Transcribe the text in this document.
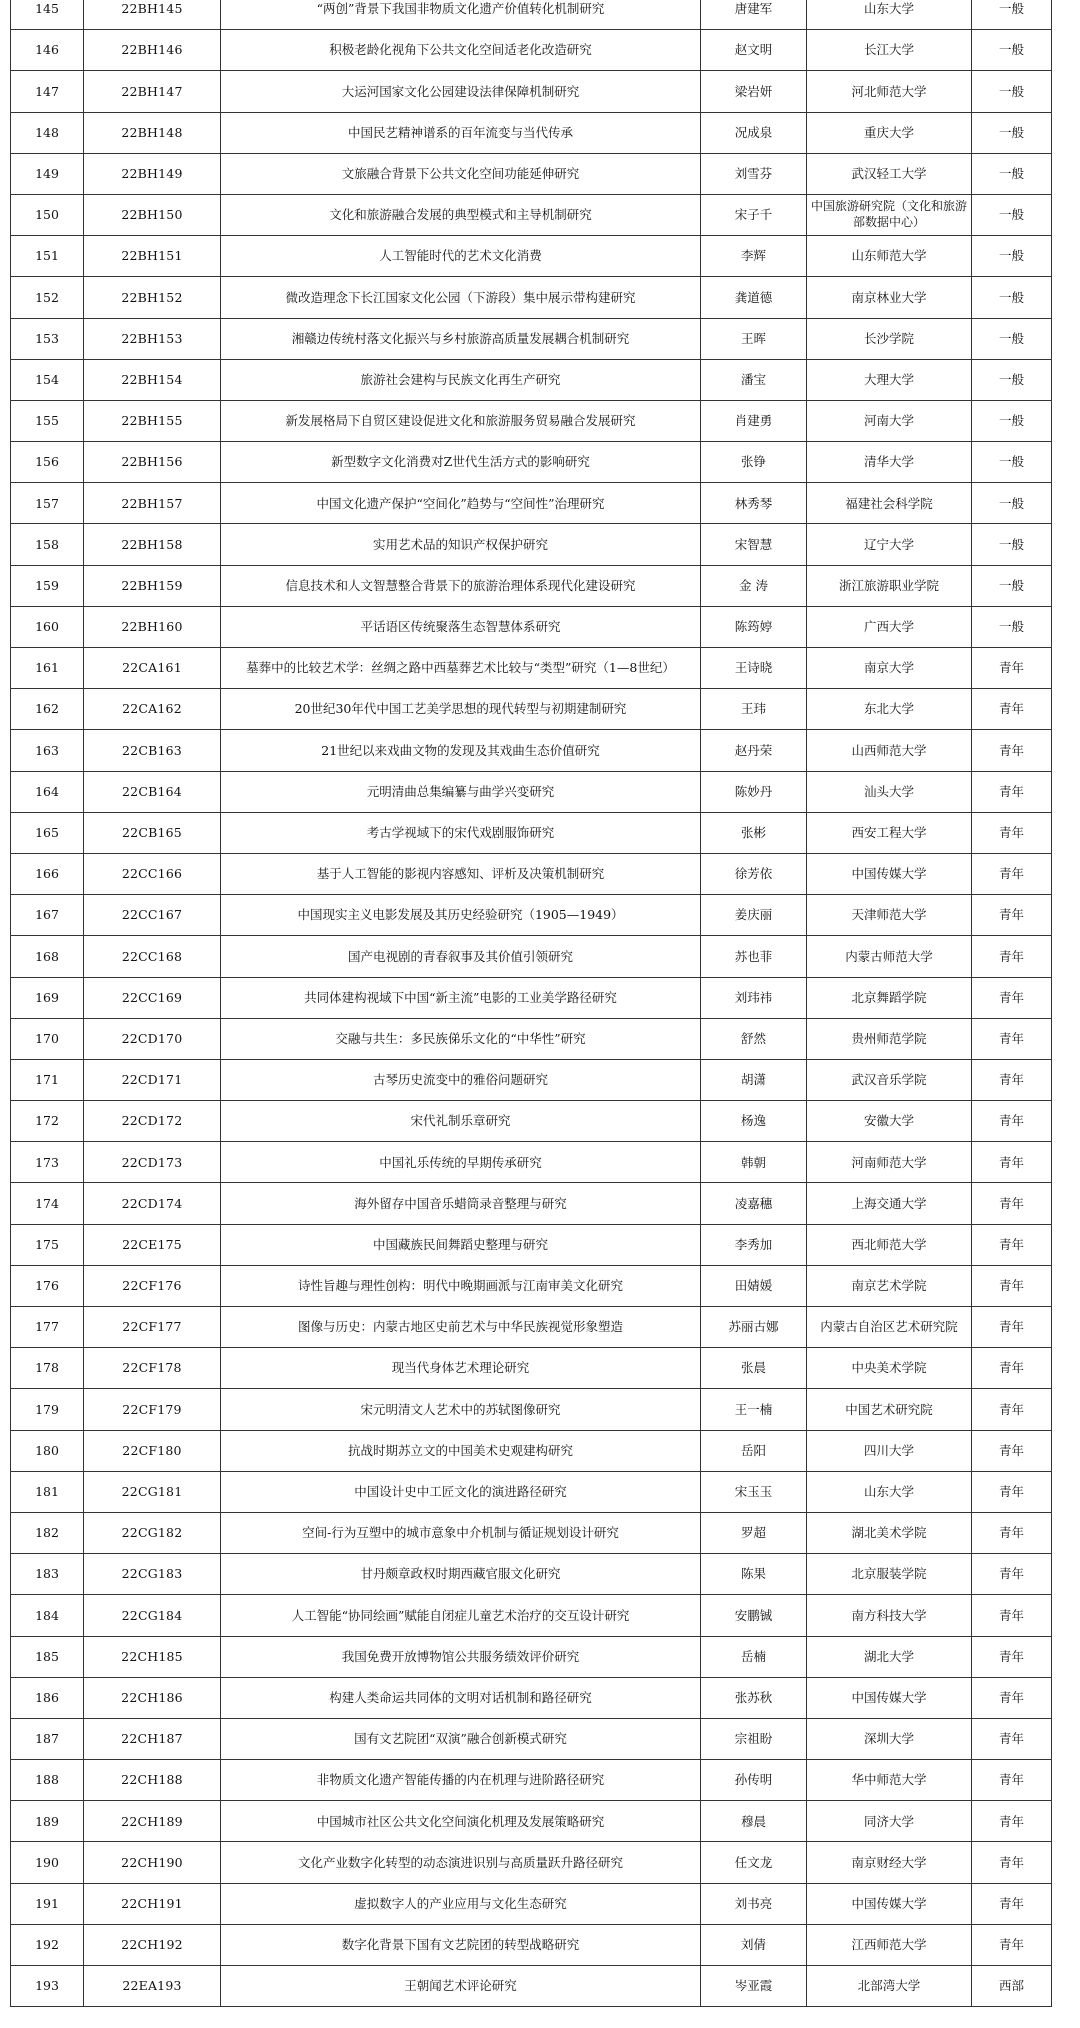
145	22BH145	“两创”背景下我国非物质文化遗产价值转化机制研究	唐建军	山东大学	一般
146	22BH146	积极老龄化视角下公共文化空间适老化改造研究	赵文明	长江大学	一般
147	22BH147	大运河国家文化公园建设法律保障机制研究	梁岩妍	河北师范大学	一般
148	22BH148	中国民艺精神谱系的百年流变与当代传承	况成泉	重庆大学	一般
149	22BH149	文旅融合背景下公共文化空间功能延伸研究	刘雪芬	武汉轻工大学	一般
150	22BH150	文化和旅游融合发展的典型模式和主导机制研究	宋子千	中国旅游研究院（文化和旅游部数据中心）	一般
151	22BH151	人工智能时代的艺术文化消费	李辉	山东师范大学	一般
152	22BH152	微改造理念下长江国家文化公园（下游段）集中展示带构建研究	龚道德	南京林业大学	一般
153	22BH153	湘赣边传统村落文化振兴与乡村旅游高质量发展耦合机制研究	王晖	长沙学院	一般
154	22BH154	旅游社会建构与民族文化再生产研究	潘宝	大理大学	一般
155	22BH155	新发展格局下自贸区建设促进文化和旅游服务贸易融合发展研究	肖建勇	河南大学	一般
156	22BH156	新型数字文化消费对Z世代生活方式的影响研究	张铮	清华大学	一般
157	22BH157	中国文化遗产保护“空间化”趋势与“空间性”治理研究	林秀琴	福建社会科学院	一般
158	22BH158	实用艺术品的知识产权保护研究	宋智慧	辽宁大学	一般
159	22BH159	信息技术和人文智慧整合背景下的旅游治理体系现代化建设研究	金 涛	浙江旅游职业学院	一般
160	22BH160	平话语区传统聚落生态智慧体系研究	陈筠婷	广西大学	一般
161	22CA161	墓葬中的比较艺术学：丝绸之路中西墓葬艺术比较与“类型”研究（1—8世纪）	王诗晓	南京大学	青年
162	22CA162	20世纪30年代中国工艺美学思想的现代转型与初期建制研究	王玮	东北大学	青年
163	22CB163	21世纪以来戏曲文物的发现及其戏曲生态价值研究	赵丹荣	山西师范大学	青年
164	22CB164	元明清曲总集编纂与曲学兴变研究	陈妙丹	汕头大学	青年
165	22CB165	考古学视域下的宋代戏剧服饰研究	张彬	西安工程大学	青年
166	22CC166	基于人工智能的影视内容感知、评析及决策机制研究	徐芳依	中国传媒大学	青年
167	22CC167	中国现实主义电影发展及其历史经验研究（1905—1949）	姜庆丽	天津师范大学	青年
168	22CC168	国产电视剧的青春叙事及其价值引领研究	苏也菲	内蒙古师范大学	青年
169	22CC169	共同体建构视域下中国“新主流”电影的工业美学路径研究	刘玮祎	北京舞蹈学院	青年
170	22CD170	交融与共生：多民族俤乐文化的“中华性”研究	舒然	贵州师范学院	青年
171	22CD171	古琴历史流变中的雅俗问题研究	胡潇	武汉音乐学院	青年
172	22CD172	宋代礼制乐章研究	杨逸	安徽大学	青年
173	22CD173	中国礼乐传统的早期传承研究	韩朝	河南师范大学	青年
174	22CD174	海外留存中国音乐蜡筒录音整理与研究	凌嘉穗	上海交通大学	青年
175	22CE175	中国藏族民间舞蹈史整理与研究	李秀加	西北师范大学	青年
176	22CF176	诗性旨趣与理性创构：明代中晚期画派与江南审美文化研究	田婧媛	南京艺术学院	青年
177	22CF177	图像与历史：内蒙古地区史前艺术与中华民族视觉形象塑造	苏丽古娜	内蒙古自治区艺术研究院	青年
178	22CF178	现当代身体艺术理论研究	张晨	中央美术学院	青年
179	22CF179	宋元明清文人艺术中的苏轼图像研究	王一楠	中国艺术研究院	青年
180	22CF180	抗战时期苏立文的中国美术史观建构研究	岳阳	四川大学	青年
181	22CG181	中国设计史中工匠文化的演进路径研究	宋玉玉	山东大学	青年
182	22CG182	空间-行为互塑中的城市意象中介机制与循证规划设计研究	罗超	湖北美术学院	青年
183	22CG183	甘丹颇章政权时期西藏官服文化研究	陈果	北京服装学院	青年
184	22CG184	人工智能“协同绘画”赋能自闭症儿童艺术治疗的交互设计研究	安鹏铖	南方科技大学	青年
185	22CH185	我国免费开放博物馆公共服务绩效评价研究	岳楠	湖北大学	青年
186	22CH186	构建人类命运共同体的文明对话机制和路径研究	张苏秋	中国传媒大学	青年
187	22CH187	国有文艺院团“双演”融合创新模式研究	宗祖盼	深圳大学	青年
188	22CH188	非物质文化遗产智能传播的内在机理与进阶路径研究	孙传明	华中师范大学	青年
189	22CH189	中国城市社区公共文化空间演化机理及发展策略研究	穆晨	同济大学	青年
190	22CH190	文化产业数字化转型的动态演进识别与高质量跃升路径研究	任文龙	南京财经大学	青年
191	22CH191	虚拟数字人的产业应用与文化生态研究	刘书亮	中国传媒大学	青年
192	22CH192	数字化背景下国有文艺院团的转型战略研究	刘倩	江西师范大学	青年
193	22EA193	王朝闻艺术评论研究	岑亚霞	北部湾大学	西部
